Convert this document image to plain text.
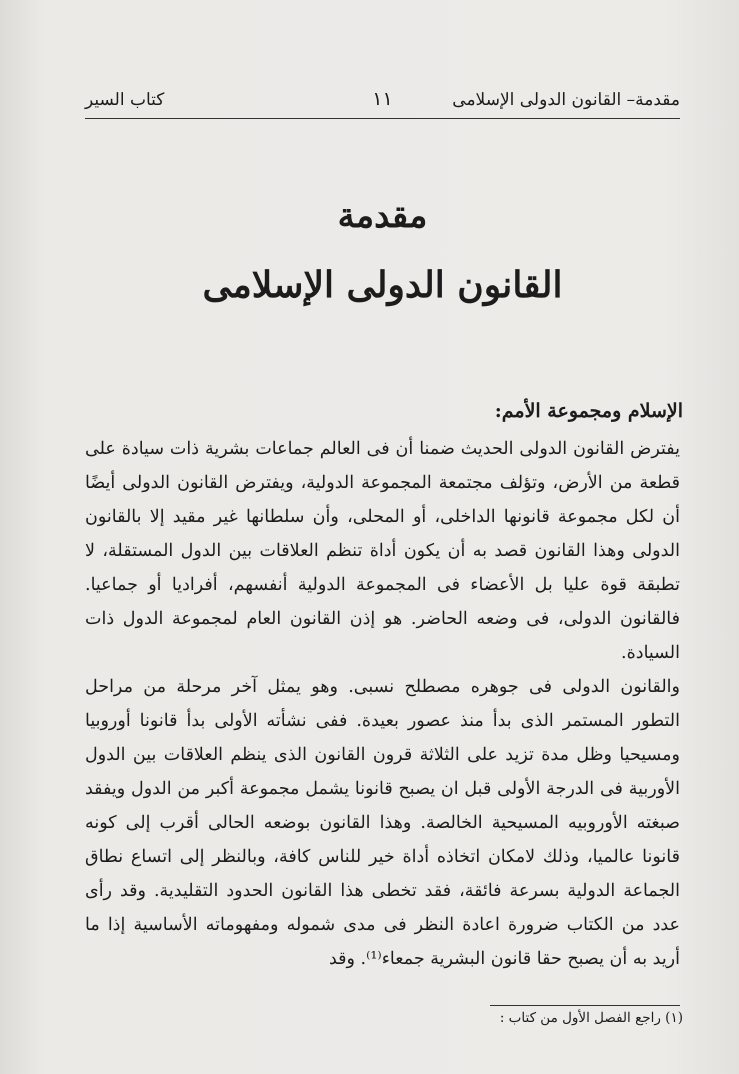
مقدمة– القانون الدولى الإسلامى
١١
كتاب السير
مقدمة
القانون الدولى الإسلامى
الإسلام ومجموعة الأمم:

يفترض القانون الدولى الحديث ضمنا أن فى العالم جماعات بشرية ذات سيادة على قطعة من الأرض، وتؤلف مجتمعة المجموعة الدولية، ويفترض القانون الدولى أيضًا أن لكل مجموعة قانونها الداخلى، أو المحلى، وأن سلطانها غير مقيد إلا بالقانون الدولى وهذا القانون قصد به أن يكون أداة تنظم العلاقات بين الدول المستقلة، لا تطبقة قوة عليا بل الأعضاء فى المجموعة الدولية أنفسهم، أفراديا أو جماعيا. فالقانون الدولى، فى وضعه الحاضر. هو إذن القانون العام لمجموعة الدول ذات السيادة.

والقانون الدولى فى جوهره مصطلح نسبى. وهو يمثل آخر مرحلة من مراحل التطور المستمر الذى بدأ منذ عصور بعيدة. ففى نشأته الأولى بدأ قانونا أوروبيا ومسيحيا وظل مدة تزيد على الثلاثة قرون القانون الذى ينظم العلاقات بين الدول الأوربية فى الدرجة الأولى قبل ان يصبح قانونا يشمل مجموعة أكبر من الدول ويفقد صبغته الأوروبيه المسيحية الخالصة. وهذا القانون بوضعه الحالى أقرب إلى كونه قانونا عالميا، وذلك لامكان اتخاذه أداة خير للناس كافة، وبالنظر إلى اتساع نطاق الجماعة الدولية بسرعة فائقة، فقد تخطى هذا القانون الحدود التقليدية. وقد رأى عدد من الكتاب ضرورة اعادة النظر فى مدى شموله ومفهوماته الأساسية إذا ما أريد به أن يصبح حقا قانون البشرية جمعاء⁽¹⁾. وقد

(١) راجع الفصل الأول من كتاب :
